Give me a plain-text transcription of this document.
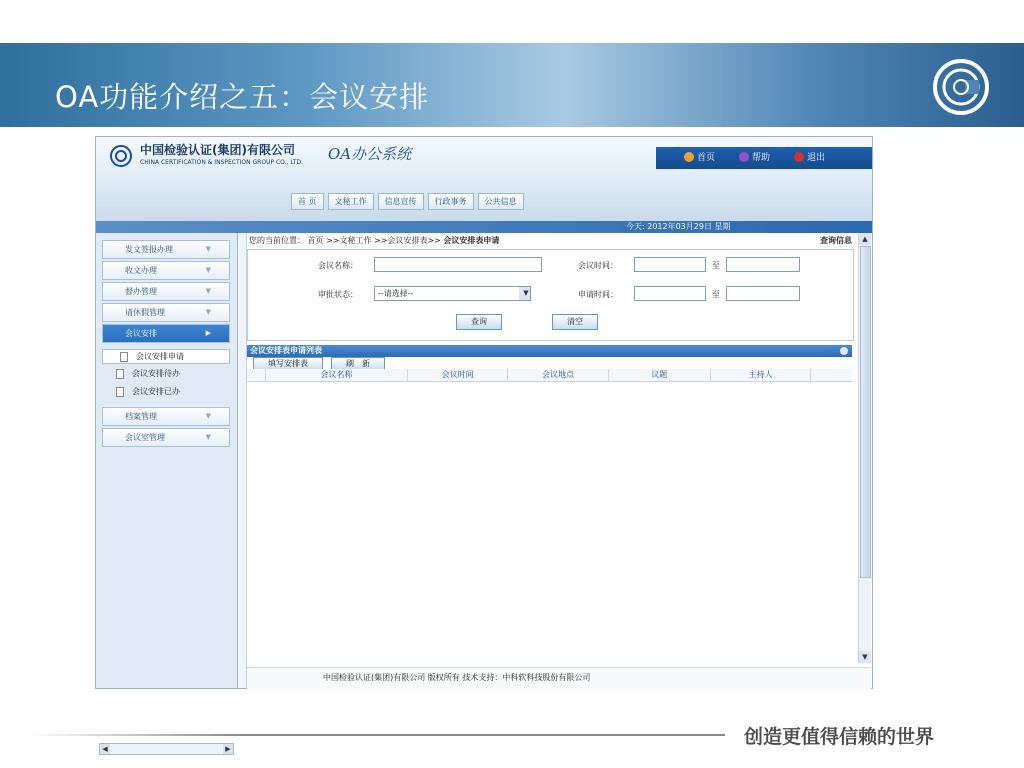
OA功能介绍之五：会议安排
中国检验认证(集团)有限公司
CHINA CERTIFICATION & INSPECTION GROUP CO., LTD. OA办公系统	首页	帮助	退出
首 页	文秘工作	信息宣传	行政事务	公共信息
今天: 2012年03月29日 星期
发文签报办理	▼
收文办理	▼
督办管理	▼
请休假管理	▼
会议安排	▶
会议安排申请
会议安排待办
会议安排已办
档案管理	▼
会议室管理	▼
◀	▶
您的当前位置： 首页 >>文秘工作 >>会议安排表>> 会议安排表申请	查询信息
会议名称：	会议时间：	至
审批状态：	--请选择--	▼	申请时间：	至
查询	清空
会议安排表申请列表
填写安排表	刷　新
会议名称	会议时间	会议地点	议题	主持人
▲
▼
中国检验认证(集团)有限公司 版权所有 技术支持：中科软科技股份有限公司
创造更值得信赖的世界
